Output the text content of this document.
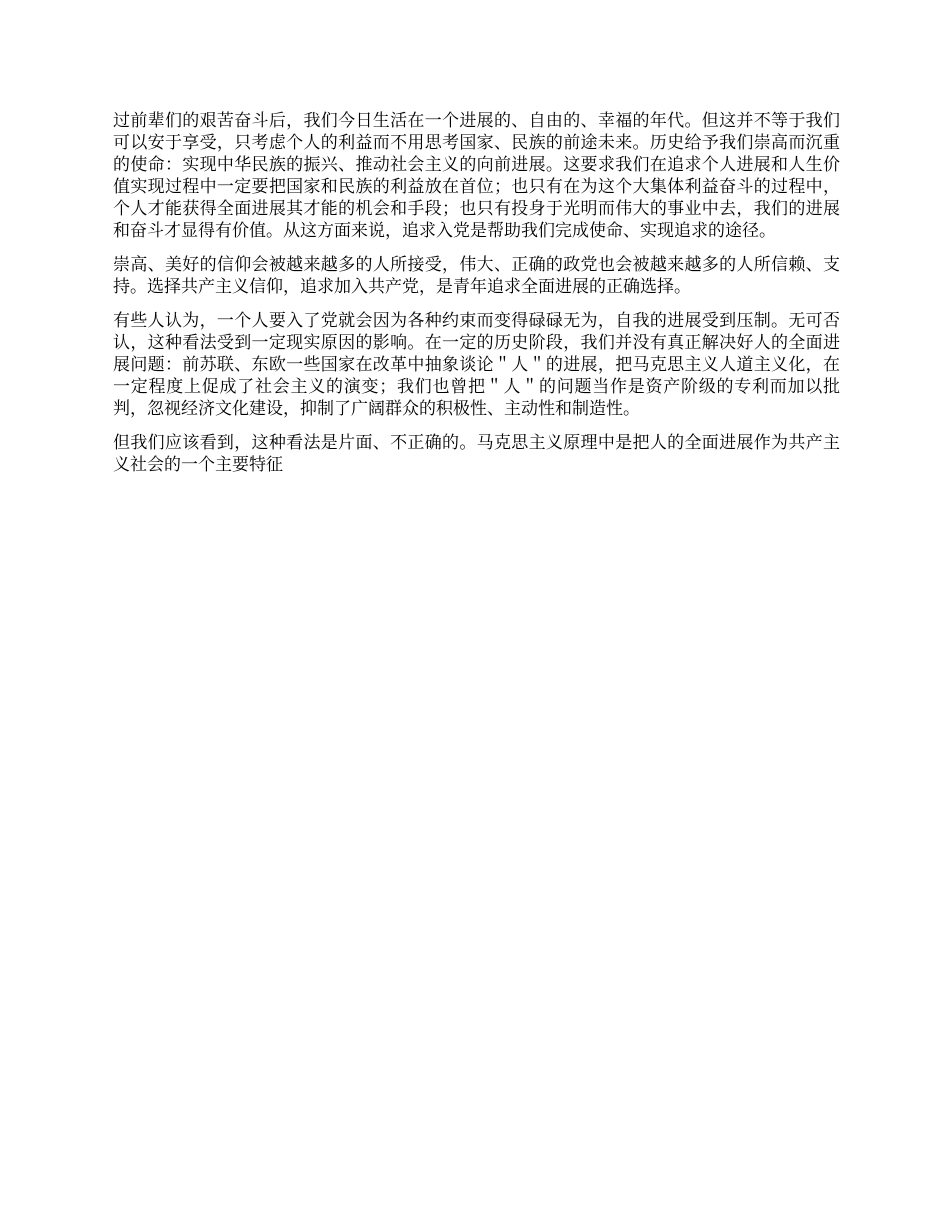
过前辈们的艰苦奋斗后，我们今日生活在一个进展的、自由的、幸福的年代。但这并不等于我们可以安于享受，只考虑个人的利益而不用思考国家、民族的前途未来。历史给予我们崇高而沉重的使命：实现中华民族的振兴、推动社会主义的向前进展。这要求我们在追求个人进展和人生价值实现过程中一定要把国家和民族的利益放在首位；也只有在为这个大集体利益奋斗的过程中，个人才能获得全面进展其才能的机会和手段；也只有投身于光明而伟大的事业中去，我们的进展和奋斗才显得有价值。从这方面来说，追求入党是帮助我们完成使命、实现追求的途径。

崇高、美好的信仰会被越来越多的人所接受，伟大、正确的政党也会被越来越多的人所信赖、支持。选择共产主义信仰，追求加入共产党，是青年追求全面进展的正确选择。

有些人认为，一个人要入了党就会因为各种约束而变得碌碌无为，自我的进展受到压制。无可否认，这种看法受到一定现实原因的影响。在一定的历史阶段，我们并没有真正解决好人的全面进展问题：前苏联、东欧一些国家在改革中抽象谈论＂人＂的进展，把马克思主义人道主义化，在一定程度上促成了社会主义的演变；我们也曾把＂人＂的问题当作是资产阶级的专利而加以批判，忽视经济文化建设，抑制了广阔群众的积极性、主动性和制造性。

但我们应该看到，这种看法是片面、不正确的。马克思主义原理中是把人的全面进展作为共产主义社会的一个主要特征
